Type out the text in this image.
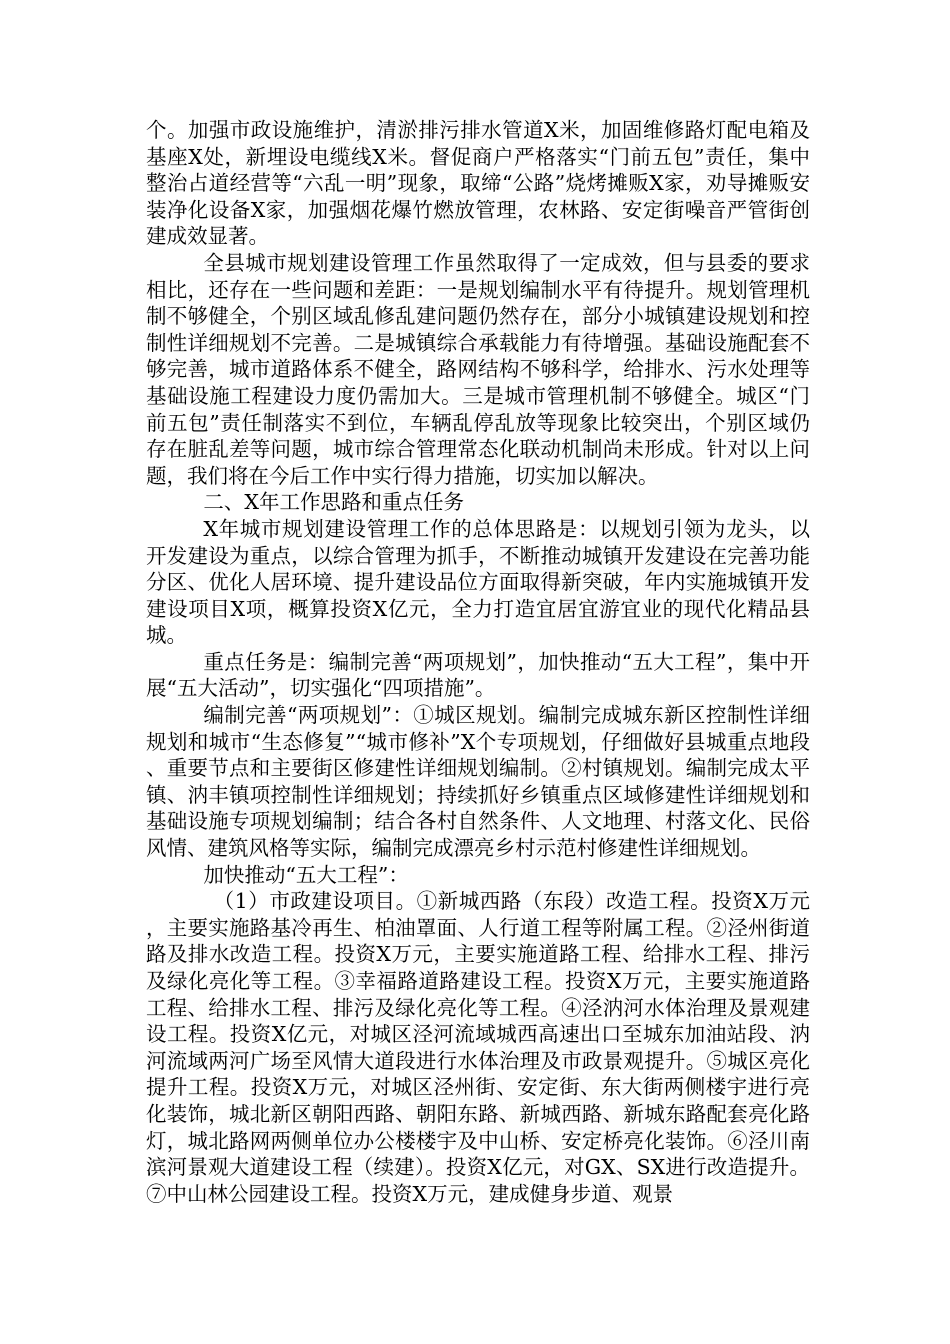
个。加强市政设施维护，清淤排污排水管道X米，加固维修路灯配电箱及基座X处，新埋设电缆线X米。督促商户严格落实“门前五包”责任，集中整治占道经营等“六乱一明”现象，取缔“公路”烧烤摊贩X家，劝导摊贩安装净化设备X家，加强烟花爆竹燃放管理，农林路、安定街噪音严管街创建成效显著。

全县城市规划建设管理工作虽然取得了一定成效，但与县委的要求相比，还存在一些问题和差距：一是规划编制水平有待提升。规划管理机制不够健全，个别区域乱修乱建问题仍然存在，部分小城镇建设规划和控制性详细规划不完善。二是城镇综合承载能力有待增强。基础设施配套不够完善，城市道路体系不健全，路网结构不够科学，给排水、污水处理等基础设施工程建设力度仍需加大。三是城市管理机制不够健全。城区“门前五包”责任制落实不到位，车辆乱停乱放等现象比较突出，个别区域仍存在脏乱差等问题，城市综合管理常态化联动机制尚未形成。针对以上问题，我们将在今后工作中实行得力措施，切实加以解决。

二、X年工作思路和重点任务

X年城市规划建设管理工作的总体思路是：以规划引领为龙头，以开发建设为重点，以综合管理为抓手，不断推动城镇开发建设在完善功能分区、优化人居环境、提升建设品位方面取得新突破，年内实施城镇开发建设项目X项，概算投资X亿元，全力打造宜居宜游宜业的现代化精品县城。

重点任务是：编制完善“两项规划”，加快推动“五大工程”，集中开展“五大活动”，切实强化“四项措施”。

编制完善“两项规划”：①城区规划。编制完成城东新区控制性详细规划和城市“生态修复”“城市修补”X个专项规划，仔细做好县城重点地段、重要节点和主要街区修建性详细规划编制。②村镇规划。编制完成太平镇、汭丰镇项控制性详细规划；持续抓好乡镇重点区域修建性详细规划和基础设施专项规划编制；结合各村自然条件、人文地理、村落文化、民俗风情、建筑风格等实际，编制完成漂亮乡村示范村修建性详细规划。

加快推动“五大工程”：

（1）市政建设项目。①新城西路（东段）改造工程。投资X万元，主要实施路基冷再生、柏油罩面、人行道工程等附属工程。②泾州街道路及排水改造工程。投资X万元，主要实施道路工程、给排水工程、排污及绿化亮化等工程。③幸福路道路建设工程。投资X万元，主要实施道路工程、给排水工程、排污及绿化亮化等工程。④泾汭河水体治理及景观建设工程。投资X亿元，对城区泾河流域城西高速出口至城东加油站段、汭河流域两河广场至风情大道段进行水体治理及市政景观提升。⑤城区亮化提升工程。投资X万元，对城区泾州街、安定街、东大街两侧楼宇进行亮化装饰，城北新区朝阳西路、朝阳东路、新城西路、新城东路配套亮化路灯，城北路网两侧单位办公楼楼宇及中山桥、安定桥亮化装饰。⑥泾川南滨河景观大道建设工程（续建）。投资X亿元，对GX、SX进行改造提升。⑦中山林公园建设工程。投资X万元，建成健身步道、观景
